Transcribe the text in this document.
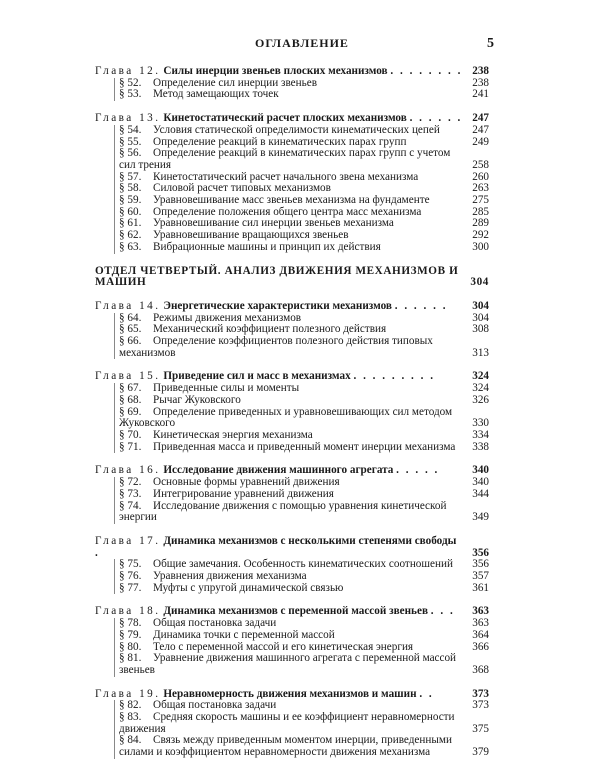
ОГЛАВЛЕНИЕ	5
Глава 12. Силы инерции звеньев плоских механизмов . . . . . . . . 238
§ 52. Определение сил инерции звеньев	238
§ 53. Метод замещающих точек	241
Глава 13. Кинетостатический расчет плоских механизмов . . . . . . 247
§ 54. Условия статической определимости кинематических цепей	247
§ 55. Определение реакций в кинематических парах групп	249
§ 56. Определение реакций в кинематических парах групп с учетом сил трения	258
§ 57. Кинетостатический расчет начального звена механизма	260
§ 58. Силовой расчет типовых механизмов	263
§ 59. Уравновешивание масс звеньев механизма на фундаменте	275
§ 60. Определение положения общего центра масс механизма	285
§ 61. Уравновешивание сил инерции звеньев механизма	289
§ 62. Уравновешивание вращающихся звеньев	292
§ 63. Вибрационные машины и принцип их действия	300
ОТДЕЛ ЧЕТВЕРТЫЙ. АНАЛИЗ ДВИЖЕНИЯ МЕХАНИЗМОВ И МАШИН	304
Глава 14. Энергетические характеристики механизмов . . . . . .	304
§ 64. Режимы движения механизмов	304
§ 65. Механический коэффициент полезного действия	308
§ 66. Определение коэффициентов полезного действия типовых механизмов	313
Глава 15. Приведение сил и масс в механизмах . . . . . . . . .	324
§ 67. Приведенные силы и моменты	324
§ 68. Рычаг Жуковского	326
§ 69. Определение приведенных и уравновешивающих сил методом Жуковского	330
§ 70. Кинетическая энергия механизма	334
§ 71. Приведенная масса и приведенный момент инерции механизма	338
Глава 16. Исследование движения машинного агрегата . . . . .	340
§ 72. Основные формы уравнений движения	340
§ 73. Интегрирование уравнений движения	344
§ 74. Исследование движения с помощью уравнения кинетической энергии	349
Глава 17. Динамика механизмов с несколькими степенями свободы .	356
§ 75. Общие замечания. Особенность кинематических соотношений	356
§ 76. Уравнения движения механизма	357
§ 77. Муфты с упругой динамической связью	361
Глава 18. Динамика механизмов с переменной массой звеньев . . .	363
§ 78. Общая постановка задачи	363
§ 79. Динамика точки с переменной массой	364
§ 80. Тело с переменной массой и его кинетическая энергия	366
§ 81. Уравнение движения машинного агрегата с переменной массой звеньев	368
Глава 19. Неравномерность движения механизмов и машин . .	373
§ 82. Общая постановка задачи	373
§ 83. Средняя скорость машины и ее коэффициент неравномерности движения	375
§ 84. Связь между приведенным моментом инерции, приведенными силами и коэффициентом неравномерности движения механизма	379
